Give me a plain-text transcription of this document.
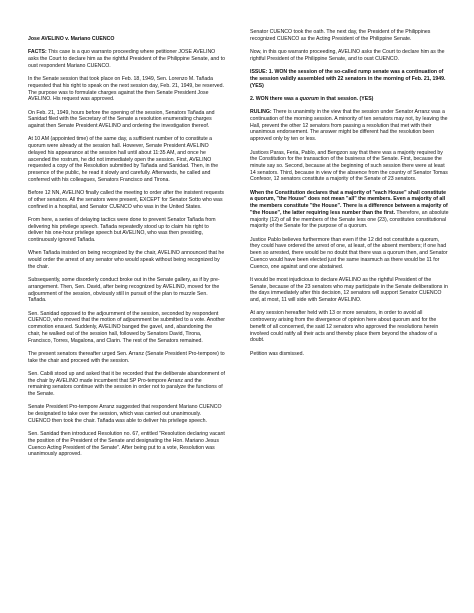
Jose AVELINO v. Mariano CUENCO

FACTS: This case is a quo warranto proceeding where petitioner JOSE AVELINO asks the Court to declare him as the rightful President of the Philippine Senate, and to oust respondent Mariano CUENCO.

In the Senate session that took place on Feb. 18, 1949, Sen. Lorenzo M. Tañada requested that his right to speak on the next session day, Feb. 21, 1949, be reserved. The purpose was to formulate charges against the then Senate President Jose AVELINO. His request was approved.

On Feb. 21, 1949, hours before the opening of the session, Senators Tañada and Sanidad filed with the Secretary of the Senate a resolution enumerating charges against then Senate President AVELINO and ordering the investigation thereof.

At 10 AM (appointed time) of the same day, a sufficient number of to constitute a quorum were already at the session hall. However, Senate President AVELINO delayed his appearance at the session hall until about 11:35 AM, and once he ascended the rostrum, he did not immediately open the session. First, AVELINO requested a copy of the Resolution submitted by Tañada and Sanidad. Then, in the presence of the public, he read it slowly and carefully. Afterwards, he called and conferred with his colleagues, Senators Francisco and Tirona.

Before 12 NN, AVELINO finally called the meeting to order after the insistent requests of other senators. All the senators were present, EXCEPT for Senator Sotto who was confined in a hospital, and Senator CUENCO who was in the United States.

From here, a series of delaying tactics were done to prevent Senator Tañada from delivering his privilege speech. Tañada repeatedly stood up to claim his right to deliver his one-hour privilege speech but AVELINO, who was then presiding, continuously ignored Tañada.

When Tañada insisted on being recognized by the chair, AVELINO announced that he would order the arrest of any senator who would speak without being recognized by the chair.

Subsequently, some disorderly conduct broke out in the Senate gallery, as if by pre-arrangement. Then, Sen. David, after being recognized by AVELINO, moved for the adjournment of the session, obviously still in pursuit of the plan to muzzle Sen. Tañada.

Sen. Sanidad opposed to the adjournment of the session, seconded by respondent CUENCO, who moved that the motion of adjournment be submitted to a vote. Another commotion ensued. Suddenly, AVELINO banged the gavel, and, abandoning the chair, he walked out of the session hall, followed by Senators David, Tirona, Francisco, Torres, Magalona, and Clarin. The rest of the Senators remained.

The present senators thereafter urged Sen. Arranz (Senate President Pro-tempore) to take the chair and proceed with the session.

Sen. Cabili stood up and asked that it be recorded that the deliberate abandonment of the chair by AVELINO made incumbent that SP Pro-tempore Arranz and the remaining senators continue with the session in order not to paralyze the functions of the Senate.

Senate President Pro-tempore Arranz suggested that respondent Mariano CUENCO be designated to take over the session, which was carried out unanimously. CUENCO then took the chair. Tañada was able to deliver his privilege speech.

Sen. Sanidad then introduced Resolution no. 67, entitled "Resolution declaring vacant the position of the President of the Senate and designating the Hon. Mariano Jesus Cuenco Acting President of the Senate". After being put to a vote, Resolution was unanimously approved.

Senator CUENCO took the oath. The next day, the President of the Philippines recognized CUENCO as the Acting President of the Philippine Senate.

Now, in this quo warranto proceeding, AVELINO asks the Court to declare him as the rightful President of the Philippine Senate, and to oust CUENCO.

ISSUE: 1. WON the session of the so-called rump senate was a continuation of the session validly assembled with 22 senators in the morning of Feb. 21, 1949. (YES)

2. WON there was a quorum in that session. (YES)

RULING: There is unanimity in the view that the session under Senator Arranz was a continuation of the morning session. A minority of ten senators may not, by leaving the Hall, prevent the other 12 senators from passing a resolution that met with their unanimous endorsement. The answer might be different had the resolution been approved only by ten or less.

Justices Paras, Feria, Pablo, and Bengzon say that there was a majority required by the Constitution for the transaction of the business of the Senate. First, because the minute say so. Second, because at the beginning of such session there were at least 14 senators. Third, because in view of the absence from the country of Senator Tomas Confesor, 12 senators constitute a majority of the Senate of 23 senators.

When the Constitution declares that a majority of "each House" shall constitute a quorum, "the House" does not mean "all" the members. Even a majority of all the members constitute "the House". There is a difference between a majority of "the House", the latter requiring less number than the first. Therefore, an absolute majority (12) of all the members of the Senate less one (23), constitutes constitutional majority of the Senate for the purpose of a quorum.

Justice Pablo believes furthermore than even if the 12 did not constitute a quorum, they could have ordered the arrest of one, at least, of the absent members; if one had been so arrested, there would be no doubt that there was a quorum then, and Senator Cuenco would have been elected just the same inasmuch as there would be 11 for Cuenco, one against and one abstained.

It would be most injudicious to declare AVELINO as the rightful President of the Senate, because of the 23 senators who may participate in the Senate deliberations in the days immediately after this decision, 12 senators will support Senator CUENCO and, at most, 11 will side with Senator AVELINO.

At any session hereafter held with 13 or more senators, in order to avoid all controversy arising from the divergence of opinion here about quorum and for the benefit of all concerned, the said 12 senators who approved the resolutions herein involved could ratify all their acts and thereby place them beyond the shadow of a doubt.

Petition was dismissed.
